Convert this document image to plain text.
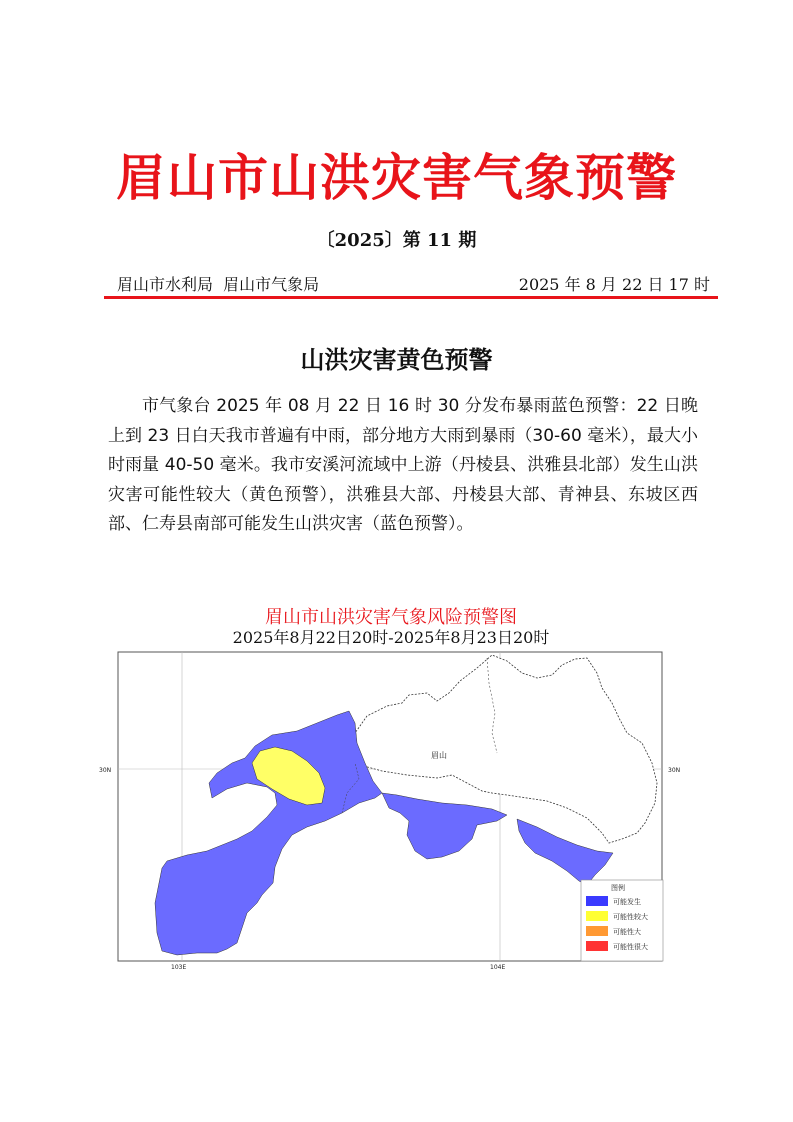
眉山市山洪灾害气象预警
〔2025〕第 11 期
眉山市水利局  眉山市气象局	2025 年 8 月 22 日 17 时
山洪灾害黄色预警

市气象台 2025 年 08 月 22 日 16 时 30 分发布暴雨蓝色预警：22 日晚上到 23 日白天我市普遍有中雨，部分地方大雨到暴雨（30-60 毫米），最大小时雨量 40-50 毫米。我市安溪河流域中上游（丹棱县、洪雅县北部）发生山洪灾害可能性较大（黄色预警），洪雅县大部、丹棱县大部、青神县、东坡区西部、仁寿县南部可能发生山洪灾害（蓝色预警）。

眉山市山洪灾害气象风险预警图
2025年8月22日20时-2025年8月23日20时
眉山
30N	30N
103E	104E
图例
可能发生
可能性较大
可能性大
可能性很大
